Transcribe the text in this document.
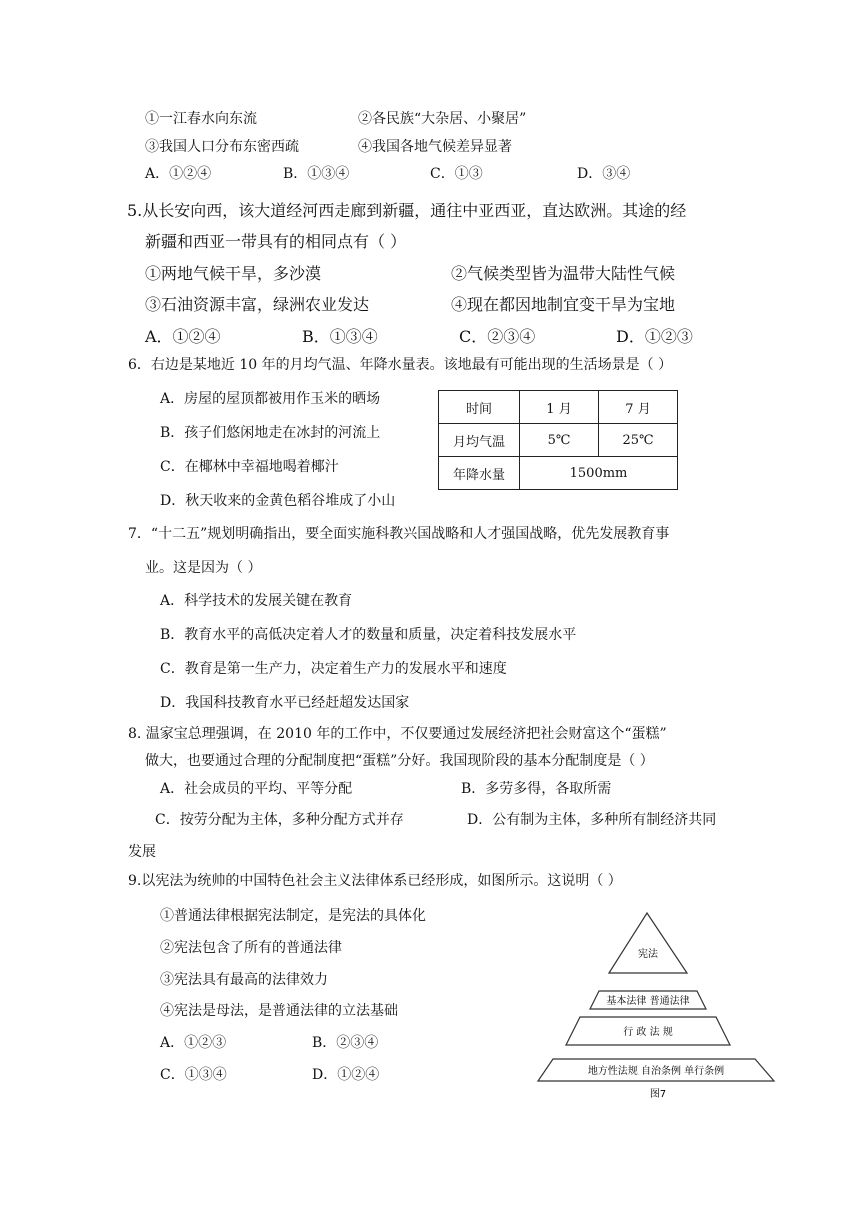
①一江春水向东流	②各民族“大杂居、小聚居”
③我国人口分布东密西疏	④我国各地气候差异显著
A．①②④	B．①③④	C．①③	D．③④
5.从长安向西，该大道经河西走廊到新疆，通往中亚西亚，直达欧洲。其途的经
新疆和西亚一带具有的相同点有（ ）
①两地气候干旱，多沙漠	②气候类型皆为温带大陆性气候
③石油资源丰富，绿洲农业发达	④现在都因地制宜变干旱为宝地
A．①②④	B．①③④	C．②③④	D．①②③
6．右边是某地近 10 年的月均气温、年降水量表。该地最有可能出现的生活场景是（ ）
A．房屋的屋顶都被用作玉米的晒场
B．孩子们悠闲地走在冰封的河流上
C．在椰林中幸福地喝着椰汁
D．秋天收来的金黄色稻谷堆成了小山
时间	1 月	7 月
月均气温	5℃	25℃
年降水量	1500mm	
7．“十二五”规划明确指出，要全面实施科教兴国战略和人才强国战略，优先发展教育事
业。这是因为（ ）
A．科学技术的发展关键在教育
B．教育水平的高低决定着人才的数量和质量，决定着科技发展水平
C．教育是第一生产力，决定着生产力的发展水平和速度
D．我国科技教育水平已经赶超发达国家
8. 温家宝总理强调，在 2010 年的工作中，不仅要通过发展经济把社会财富这个“蛋糕”
做大，也要通过合理的分配制度把“蛋糕”分好。我国现阶段的基本分配制度是（ ）
A．社会成员的平均、平等分配	B．多劳多得，各取所需
C．按劳分配为主体，多种分配方式并存	D．公有制为主体，多种所有制经济共同
发展
9.以宪法为统帅的中国特色社会主义法律体系已经形成，如图所示。这说明（ ）
①普通法律根据宪法制定，是宪法的具体化
②宪法包含了所有的普通法律
③宪法具有最高的法律效力
④宪法是母法，是普通法律的立法基础
A．①②③	B．②③④
C．①③④	D．①②④
宪法
基本法律 普通法律
行 政 法 规
地方性法规 自治条例 单行条例
图7
